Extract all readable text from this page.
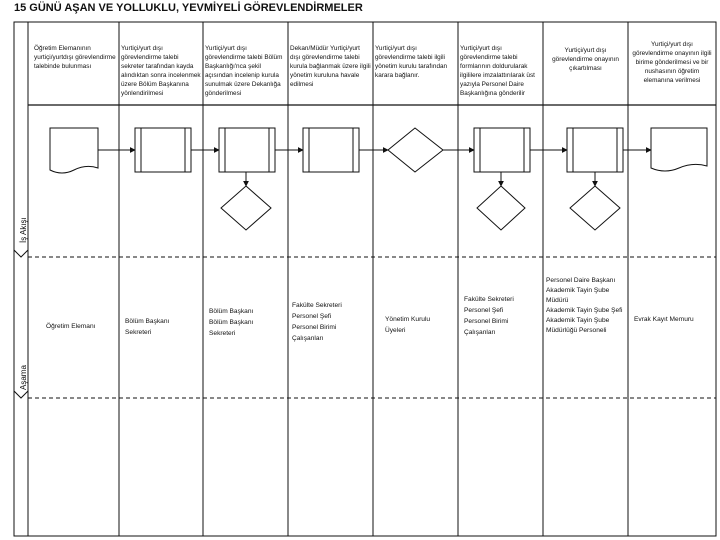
15 GÜNÜ AŞAN VE YOLLUKLU, YEVMİYELİ GÖREVLENDİRMELER
İş Akışı
Aşama
Öğretim Elemanının yurtiçi/yurtdışı görevlendirme talebinde bulunması
Yurtiçi/yurt dışı görevlendirme talebi sekreter tarafından kayda alındıktan sonra incelenmek üzere Bölüm Başkanına yönlendirilmesi
Yurtiçi/yurt dışı görevlendirme talebi Bölüm Başkanlığı'nca şekil açısından incelenip kurula sunulmak üzere Dekanlığa gönderilmesi
Dekan/Müdür Yurtiçi/yurt dışı görevlendirme talebi kurula bağlanmak üzere ilgili yönetim kuruluna havale edilmesi
Yurtiçi/yurt dışı görevlendirme talebi ilgili yönetim kurulu tarafından karara bağlanır.
Yurtiçi/yurt dışı görevlendirme talebi formlarının doldurularak ilgililere imzalattırılarak üst yazıyla Personel Daire Başkanlığına gönderilir
Yurtiçi/yurt dışı görevlendirme onayının çıkartılması
Yurtiçi/yurt dışı görevlendirme onayının ilgili birime gönderilmesi ve bir nushasının öğretim elemanına verilmesi
Öğretim Elemanı
Bölüm Başkanı
Sekreteri
Bölüm Başkanı
Bölüm Başkanı
Sekreteri
Fakülte Sekreteri
Personel Şefi
Personel Birimi
Çalışanları
Yönetim Kurulu
Üyeleri
Fakülte Sekreteri
Personel Şefi
Personel Birimi
Çalışanları
Personel Daire Başkanı
Akademik Tayin Şube Müdürü
Akademik Tayin Şube Şefi
Akademik Tayin Şube Müdürlüğü Personeli
Evrak Kayıt Memuru
